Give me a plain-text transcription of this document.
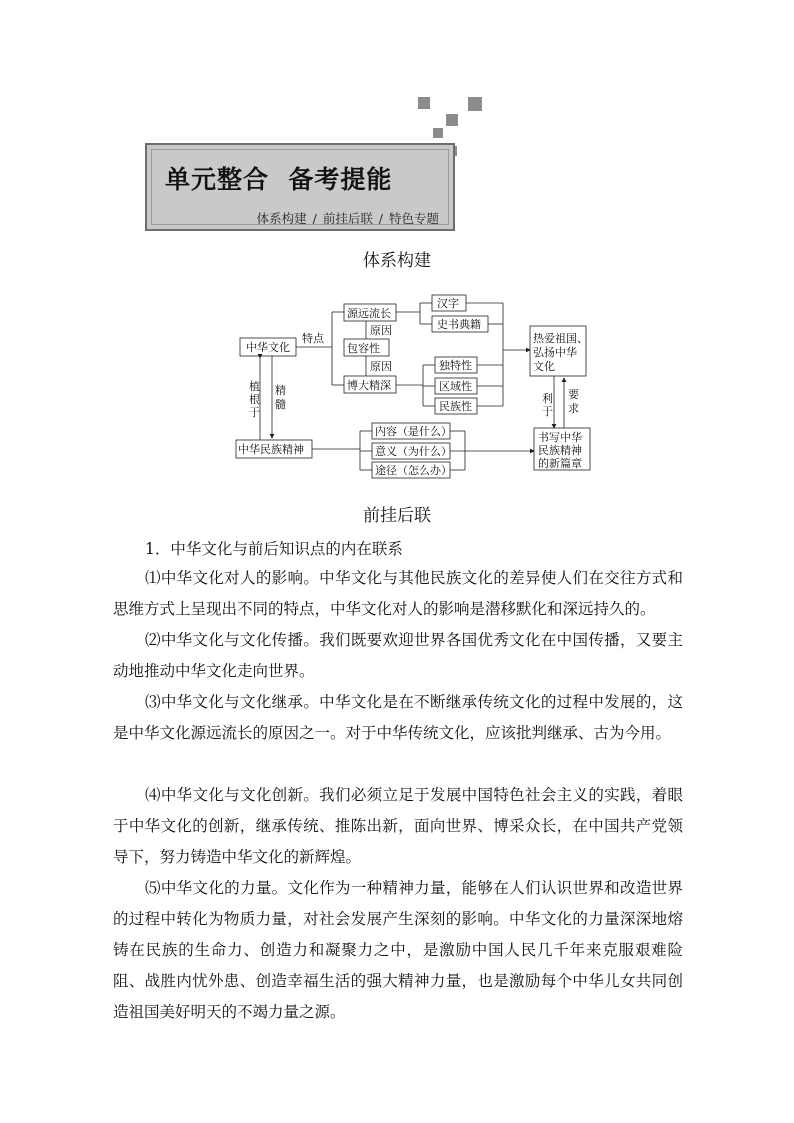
单元整合  备考提能
体系构建 / 前挂后联 / 特色专题
体系构建
中华文化
特点
源远流长
原因
包容性
原因
博大精深
汉字
史书典籍
独特性
区域性
民族性
热爱祖国、
弘扬中华
文化
植
根
于
精
髓
中华民族精神
内容（是什么）
意义（为什么）
途径（怎么办）
利
于
要
求
书写中华
民族精神
的新篇章
前挂后联
1．中华文化与前后知识点的内在联系

⑴中华文化对人的影响。中华文化与其他民族文化的差异使人们在交往方式和思维方式上呈现出不同的特点，中华文化对人的影响是潜移默化和深远持久的。

⑵中华文化与文化传播。我们既要欢迎世界各国优秀文化在中国传播，又要主动地推动中华文化走向世界。

⑶中华文化与文化继承。中华文化是在不断继承传统文化的过程中发展的，这是中华文化源远流长的原因之一。对于中华传统文化，应该批判继承、古为今用。

⑷中华文化与文化创新。我们必须立足于发展中国特色社会主义的实践，着眼于中华文化的创新，继承传统、推陈出新，面向世界、博采众长，在中国共产党领导下，努力铸造中华文化的新辉煌。

⑸中华文化的力量。文化作为一种精神力量，能够在人们认识世界和改造世界的过程中转化为物质力量，对社会发展产生深刻的影响。中华文化的力量深深地熔铸在民族的生命力、创造力和凝聚力之中，是激励中国人民几千年来克服艰难险阻、战胜内忧外患、创造幸福生活的强大精神力量，也是激励每个中华儿女共同创造祖国美好明天的不竭力量之源。
